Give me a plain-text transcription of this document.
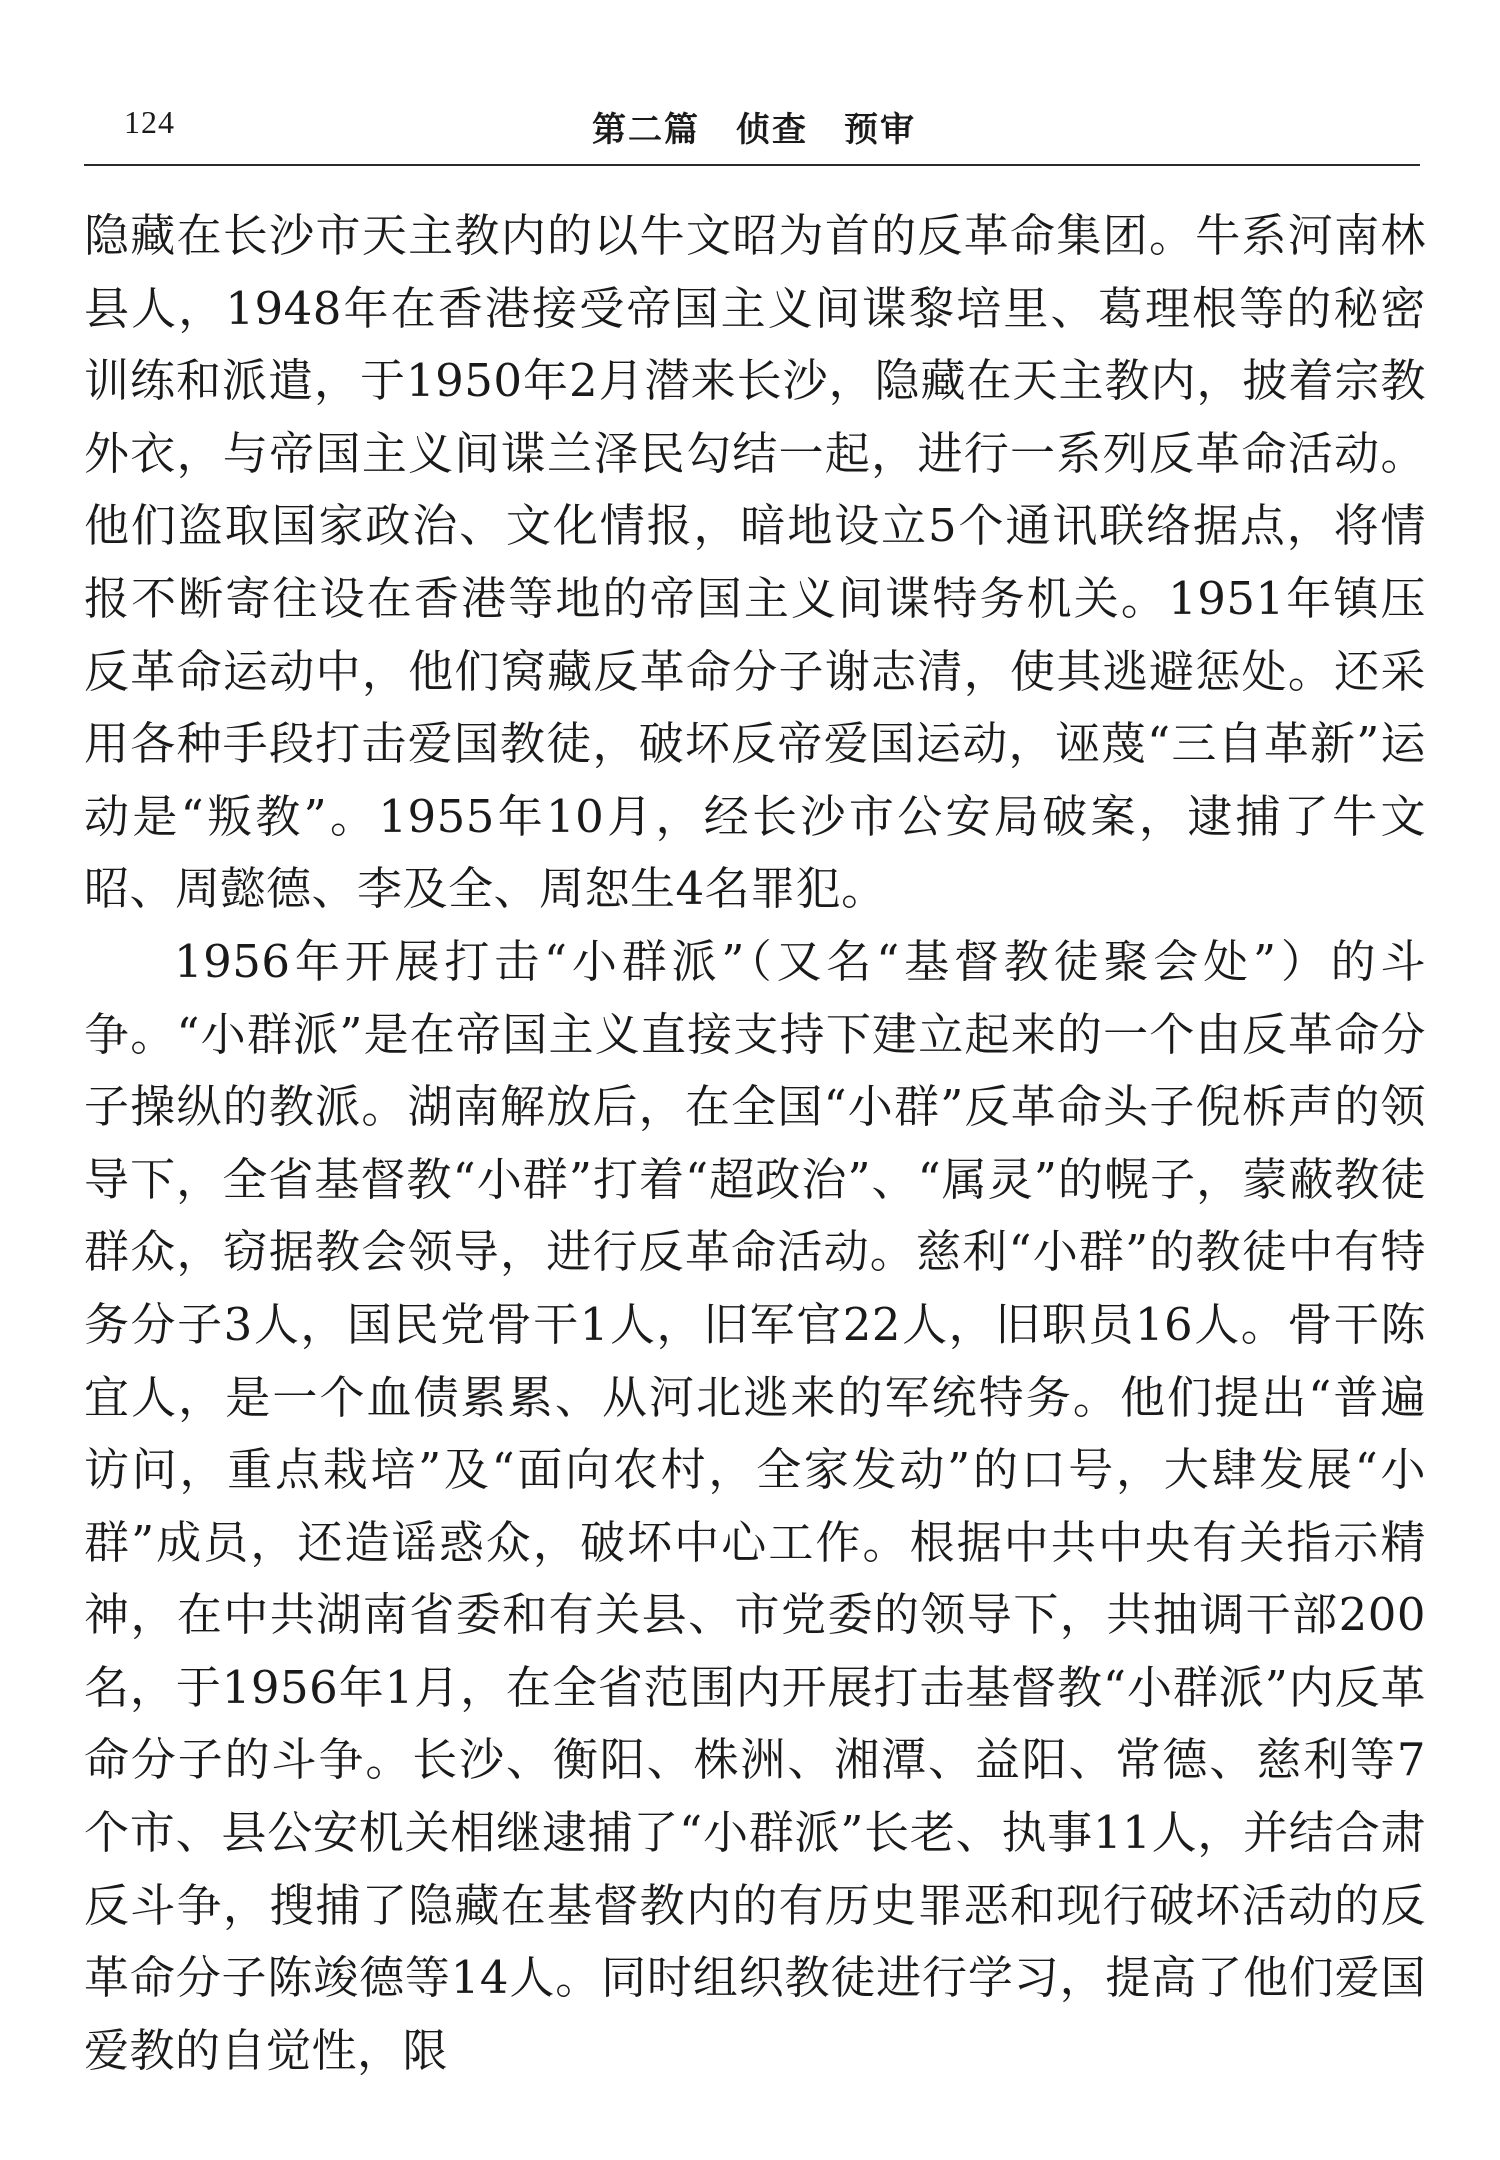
124	第二篇　侦查　预审

隐藏在长沙市天主教内的以牛文昭为首的反革命集团。牛系河南林县人，1948年在香港接受帝国主义间谍黎培里、葛理根等的秘密训练和派遣，于1950年2月潜来长沙，隐藏在天主教内，披着宗教外衣，与帝国主义间谍兰泽民勾结一起，进行一系列反革命活动。他们盗取国家政治、文化情报，暗地设立5个通讯联络据点，将情报不断寄往设在香港等地的帝国主义间谍特务机关。1951年镇压反革命运动中，他们窝藏反革命分子谢志清，使其逃避惩处。还采用各种手段打击爱国教徒，破坏反帝爱国运动，诬蔑“三自革新”运动是“叛教”。1955年10月，经长沙市公安局破案，逮捕了牛文昭、周懿德、李及全、周恕生4名罪犯。

1956年开展打击“小群派”（又名“基督教徒聚会处”）的斗争。“小群派”是在帝国主义直接支持下建立起来的一个由反革命分子操纵的教派。湖南解放后，在全国“小群”反革命头子倪柝声的领导下，全省基督教“小群”打着“超政治”、“属灵”的幌子，蒙蔽教徒群众，窃据教会领导，进行反革命活动。慈利“小群”的教徒中有特务分子3人，国民党骨干1人，旧军官22人，旧职员16人。骨干陈宜人，是一个血债累累、从河北逃来的军统特务。他们提出“普遍访问，重点栽培”及“面向农村，全家发动”的口号，大肆发展“小群”成员，还造谣惑众，破坏中心工作。根据中共中央有关指示精神，在中共湖南省委和有关县、市党委的领导下，共抽调干部200名，于1956年1月，在全省范围内开展打击基督教“小群派”内反革命分子的斗争。长沙、衡阳、株洲、湘潭、益阳、常德、慈利等7个市、县公安机关相继逮捕了“小群派”长老、执事11人，并结合肃反斗争，搜捕了隐藏在基督教内的有历史罪恶和现行破坏活动的反革命分子陈竣德等14人。同时组织教徒进行学习，提高了他们爱国爱教的自觉性，限
